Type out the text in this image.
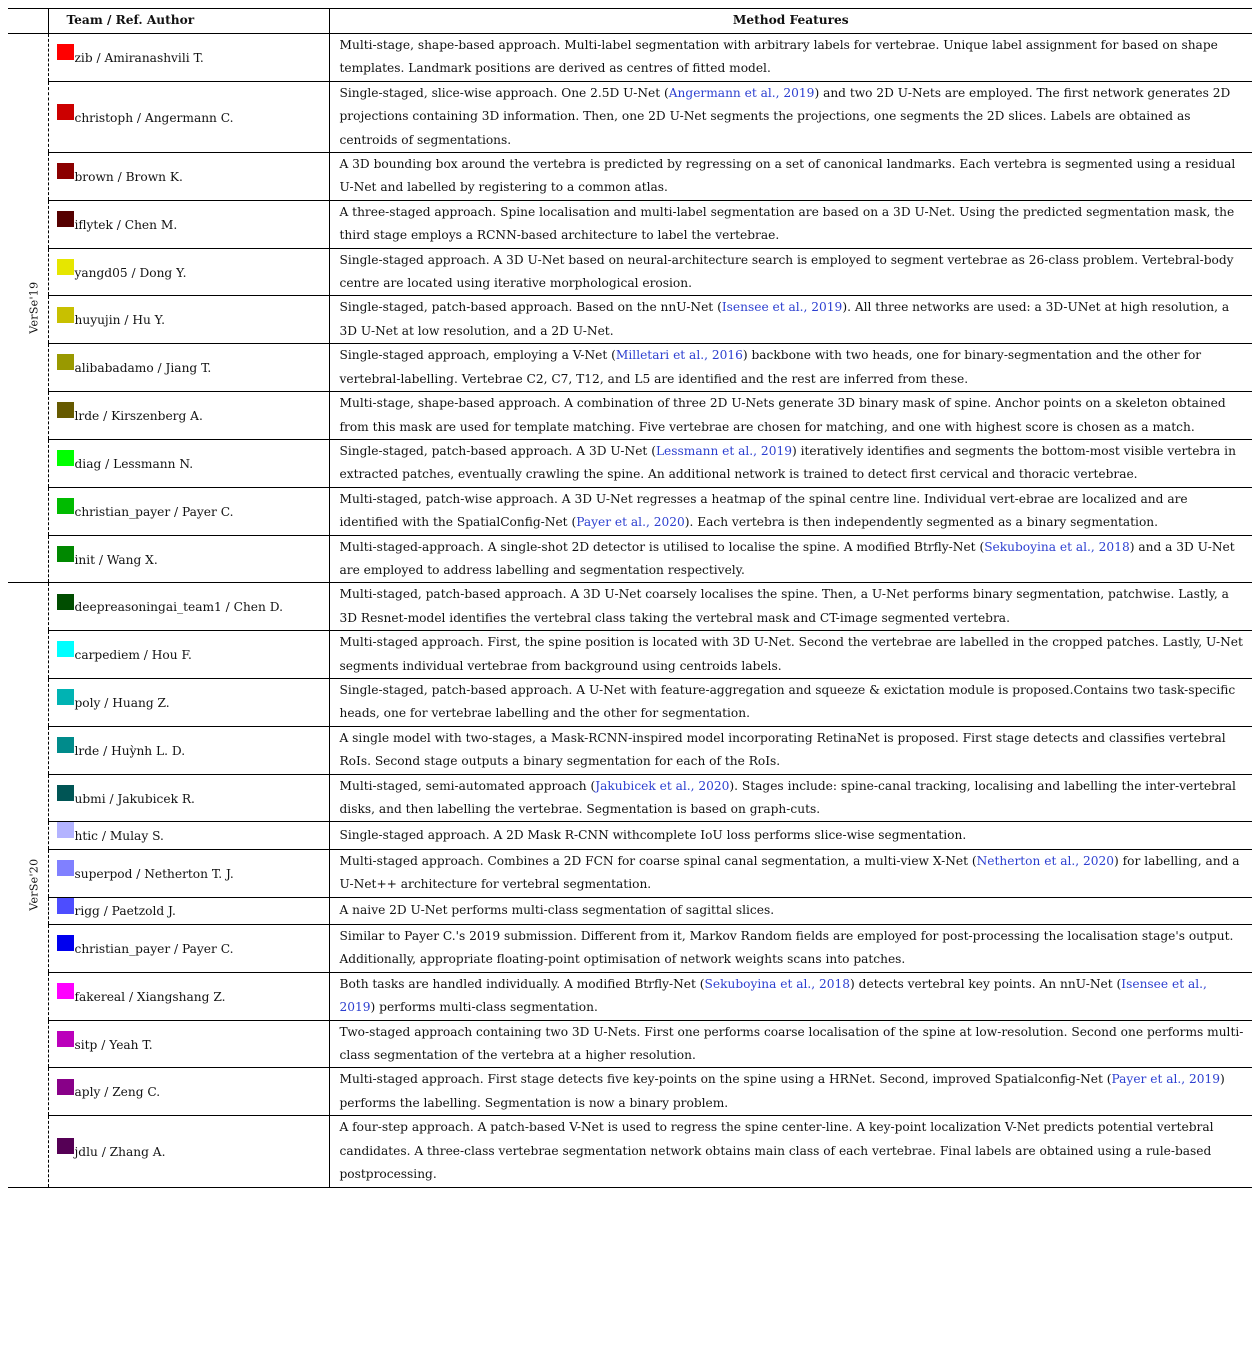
	Team / Ref. Author	Method Features
VerSe'19	zib / Amiranashvili T.	Multi-stage, shape-based approach. Multi-label segmentation with arbitrary labels for vertebrae. Unique label assignment for based on shape templates. Landmark positions are derived as centres of fitted model.
	christoph / Angermann C.	Single-staged, slice-wise approach. One 2.5D U-Net (Angermann et al., 2019) and two 2D U-Nets are employed. The first network generates 2D projections containing 3D information. Then, one 2D U-Net segments the projections, one segments the 2D slices. Labels are obtained as centroids of segmentations.
	brown / Brown K.	A 3D bounding box around the vertebra is predicted by regressing on a set of canonical landmarks. Each vertebra is segmented using a residual U-Net and labelled by registering to a common atlas.
	iflytek / Chen M.	A three-staged approach. Spine localisation and multi-label segmentation are based on a 3D U-Net. Using the predicted segmentation mask, the third stage employs a RCNN-based architecture to label the vertebrae.
	yangd05 / Dong Y.	Single-staged approach. A 3D U-Net based on neural-architecture search is employed to segment vertebrae as 26-class problem. Vertebral-body centre are located using iterative morphological erosion.
	huyujin / Hu Y.	Single-staged, patch-based approach. Based on the nnU-Net (Isensee et al., 2019). All three networks are used: a 3D-UNet at high resolution, a 3D U-Net at low resolution, and a 2D U-Net.
	alibabadamo / Jiang T.	Single-staged approach, employing a V-Net (Milletari et al., 2016) backbone with two heads, one for binary-segmentation and the other for vertebral-labelling. Vertebrae C2, C7, T12, and L5 are identified and the rest are inferred from these.
	lrde / Kirszenberg A.	Multi-stage, shape-based approach. A combination of three 2D U-Nets generate 3D binary mask of spine. Anchor points on a skeleton obtained from this mask are used for template matching. Five vertebrae are chosen for matching, and one with highest score is chosen as a match.
	diag / Lessmann N.	Single-staged, patch-based approach. A 3D U-Net (Lessmann et al., 2019) iteratively identifies and segments the bottom-most visible vertebra in extracted patches, eventually crawling the spine. An additional network is trained to detect first cervical and thoracic vertebrae.
	christian_payer / Payer C.	Multi-staged, patch-wise approach. A 3D U-Net regresses a heatmap of the spinal centre line. Individual vert-ebrae are localized and are identified with the SpatialConfig-Net (Payer et al., 2020). Each vertebra is then independently segmented as a binary segmentation.
	init / Wang X.	Multi-staged-approach. A single-shot 2D detector is utilised to localise the spine. A modified Btrfly-Net (Sekuboyina et al., 2018) and a 3D U-Net are employed to address labelling and segmentation respectively.
VerSe'20	deepreasoningai_team1 / Chen D.	Multi-staged, patch-based approach. A 3D U-Net coarsely localises the spine. Then, a U-Net performs binary segmentation, patchwise. Lastly, a 3D Resnet-model identifies the vertebral class taking the vertebral mask and CT-image segmented vertebra.
	carpediem / Hou F.	Multi-staged approach. First, the spine position is located with 3D U-Net. Second the vertebrae are labelled in the cropped patches. Lastly, U-Net segments individual vertebrae from background using centroids labels.
	poly / Huang Z.	Single-staged, patch-based approach. A U-Net with feature-aggregation and squeeze & exictation module is proposed.Contains two task-specific heads, one for vertebrae labelling and the other for segmentation.
	lrde / Huỳnh L. D.	A single model with two-stages, a Mask-RCNN-inspired model incorporating RetinaNet is proposed. First stage detects and classifies vertebral RoIs. Second stage outputs a binary segmentation for each of the RoIs.
	ubmi / Jakubicek R.	Multi-staged, semi-automated approach (Jakubicek et al., 2020). Stages include: spine-canal tracking, localising and labelling the inter-vertebral disks, and then labelling the vertebrae. Segmentation is based on graph-cuts.
	htic / Mulay S.	Single-staged approach. A 2D Mask R-CNN withcomplete IoU loss performs slice-wise segmentation.
	superpod / Netherton T. J.	Multi-staged approach. Combines a 2D FCN for coarse spinal canal segmentation, a multi-view X-Net (Netherton et al., 2020) for labelling, and a U-Net++ architecture for vertebral segmentation.
	rigg / Paetzold J.	A naive 2D U-Net performs multi-class segmentation of sagittal slices.
	christian_payer / Payer C.	Similar to Payer C.'s 2019 submission. Different from it, Markov Random fields are employed for post-processing the localisation stage's output. Additionally, appropriate floating-point optimisation of network weights scans into patches.
	fakereal / Xiangshang Z.	Both tasks are handled individually. A modified Btrfly-Net (Sekuboyina et al., 2018) detects vertebral key points. An nnU-Net (Isensee et al., 2019) performs multi-class segmentation.
	sitp / Yeah T.	Two-staged approach containing two 3D U-Nets. First one performs coarse localisation of the spine at low-resolution. Second one performs multi-class segmentation of the vertebra at a higher resolution.
	aply / Zeng C.	Multi-staged approach. First stage detects five key-points on the spine using a HRNet. Second, improved Spatialconfig-Net (Payer et al., 2019) performs the labelling. Segmentation is now a binary problem.
	jdlu / Zhang A.	A four-step approach. A patch-based V-Net is used to regress the spine center-line. A key-point localization V-Net predicts potential vertebral candidates. A three-class vertebrae segmentation network obtains main class of each vertebrae. Final labels are obtained using a rule-based postprocessing.
